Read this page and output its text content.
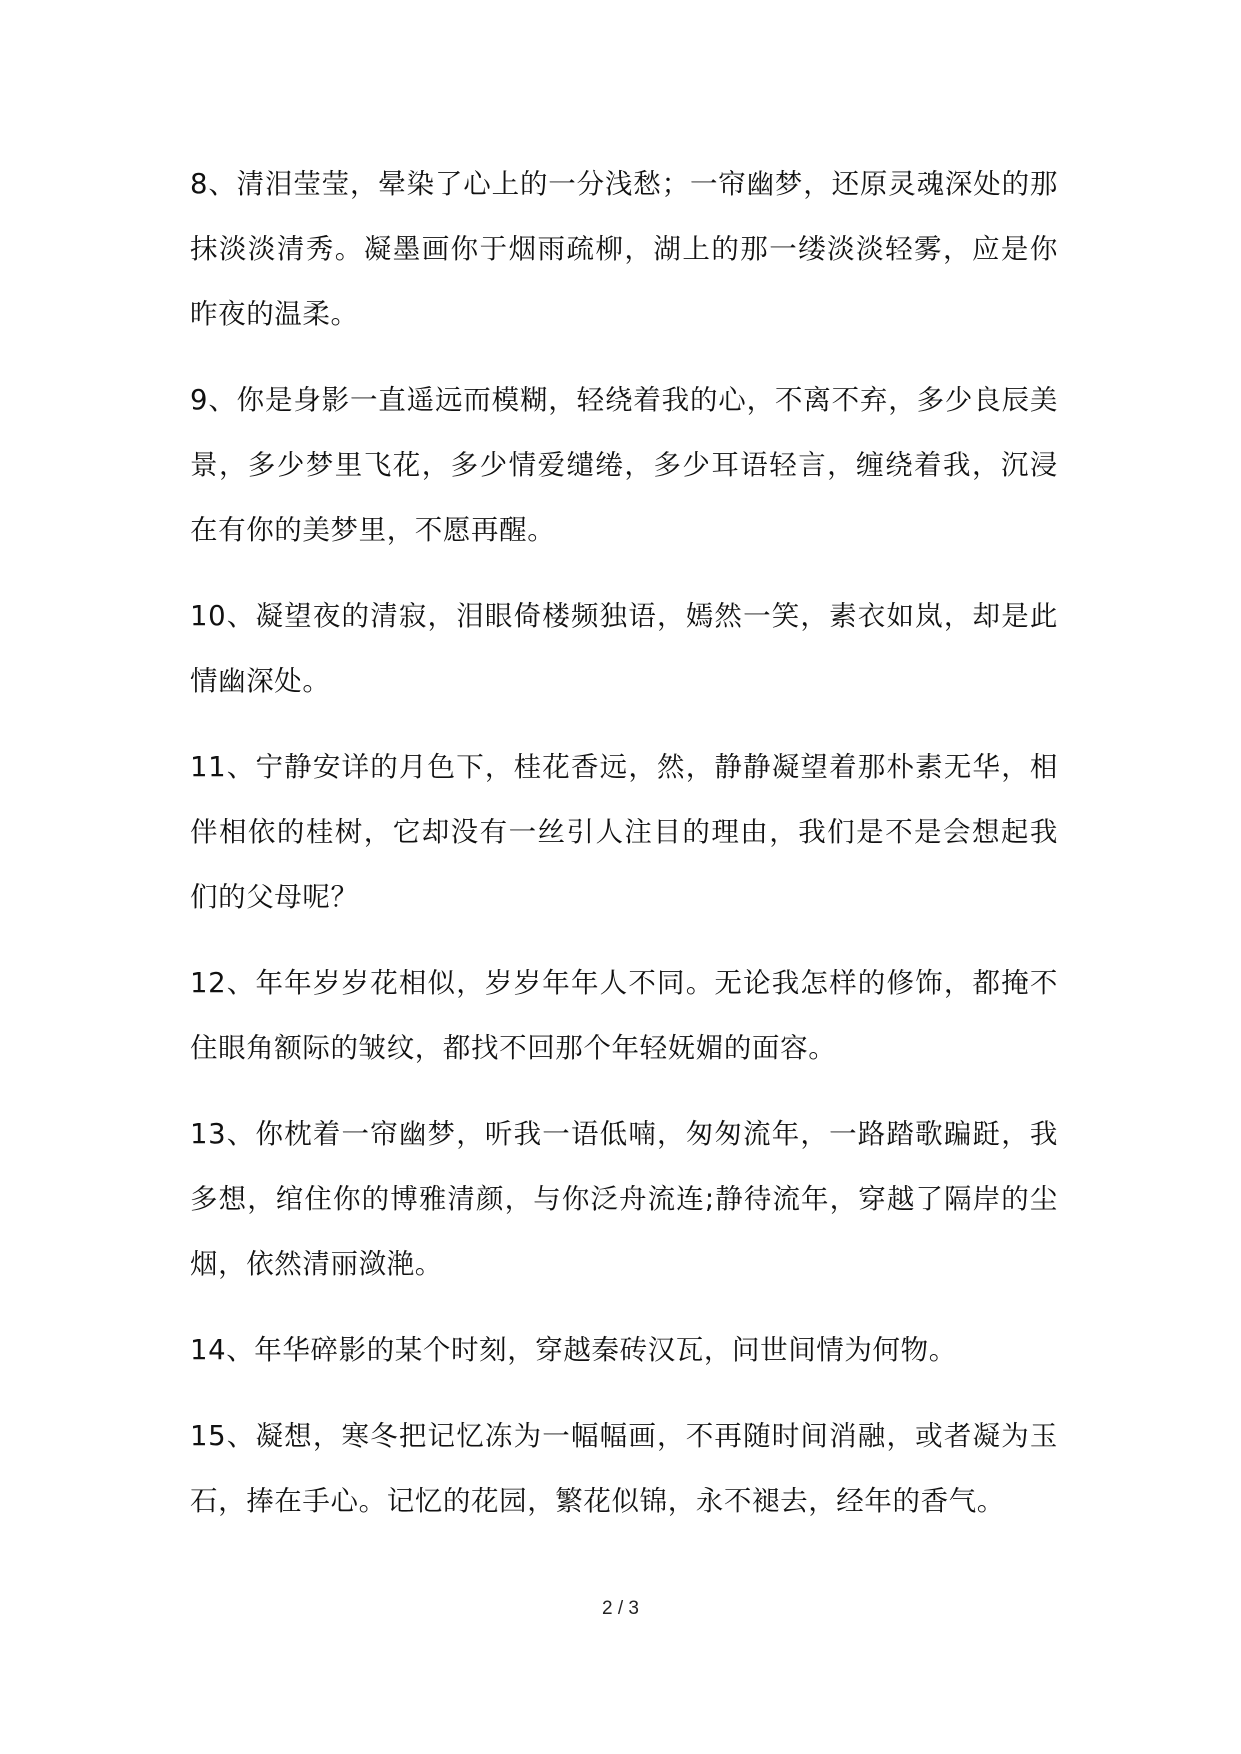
8、清泪莹莹，晕染了心上的一分浅愁；一帘幽梦，还原灵魂深处的那抹淡淡清秀。凝墨画你于烟雨疏柳，湖上的那一缕淡淡轻雾，应是你昨夜的温柔。

9、你是身影一直遥远而模糊，轻绕着我的心，不离不弃，多少良辰美景，多少梦里飞花，多少情爱缱绻，多少耳语轻言，缠绕着我，沉浸在有你的美梦里，不愿再醒。

10、凝望夜的清寂，泪眼倚楼频独语，嫣然一笑，素衣如岚，却是此情幽深处。

11、宁静安详的月色下，桂花香远，然，静静凝望着那朴素无华，相伴相依的桂树，它却没有一丝引人注目的理由，我们是不是会想起我们的父母呢？

12、年年岁岁花相似，岁岁年年人不同。无论我怎样的修饰，都掩不住眼角额际的皱纹，都找不回那个年轻妩媚的面容。

13、你枕着一帘幽梦，听我一语低喃，匆匆流年，一路踏歌蹁跹，我多想，绾住你的博雅清颜，与你泛舟流连;静待流年，穿越了隔岸的尘烟，依然清丽潋滟。

14、年华碎影的某个时刻，穿越秦砖汉瓦，问世间情为何物。

15、凝想，寒冬把记忆冻为一幅幅画，不再随时间消融，或者凝为玉石，捧在手心。记忆的花园，繁花似锦，永不褪去，经年的香气。

2 / 3
